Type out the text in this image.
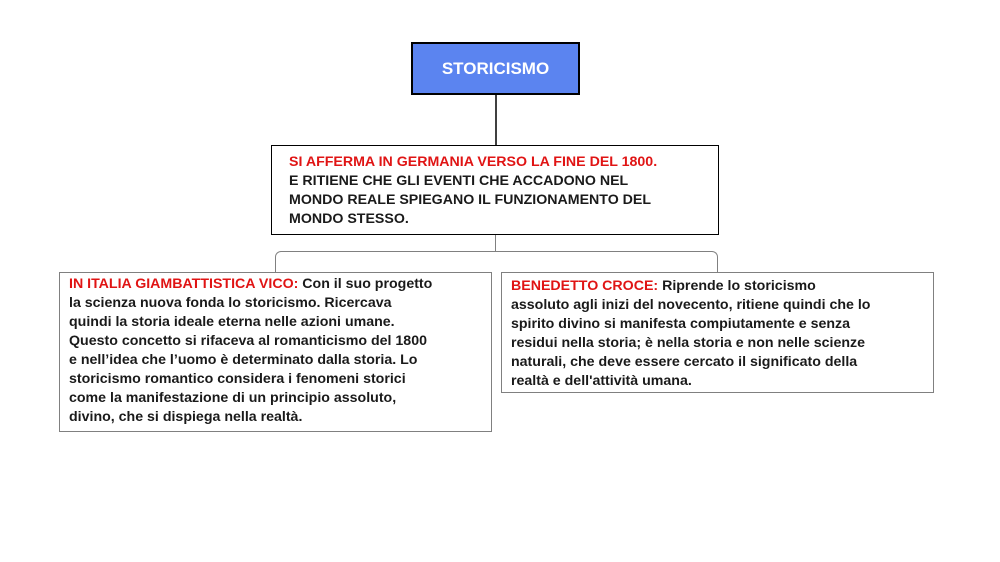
STORICISMO
SI AFFERMA IN GERMANIA VERSO LA FINE DEL 1800.
E RITIENE CHE GLI EVENTI CHE ACCADONO NEL
MONDO REALE SPIEGANO IL FUNZIONAMENTO DEL
MONDO STESSO.
IN ITALIA GIAMBATTISTICA VICO: Con il suo progetto
la scienza nuova fonda lo storicismo. Ricercava
quindi la storia ideale eterna nelle azioni umane.
Questo concetto si rifaceva al romanticismo del 1800
e nell’idea che l’uomo è determinato dalla storia. Lo
storicismo romantico considera i fenomeni storici
come la manifestazione di un principio assoluto,
divino, che si dispiega nella realtà.
BENEDETTO CROCE: Riprende lo storicismo
assoluto agli inizi del novecento, ritiene quindi che lo
spirito divino si manifesta compiutamente e senza
residui nella storia; è nella storia e non nelle scienze
naturali, che deve essere cercato il significato della
realtà e dell'attività umana.
